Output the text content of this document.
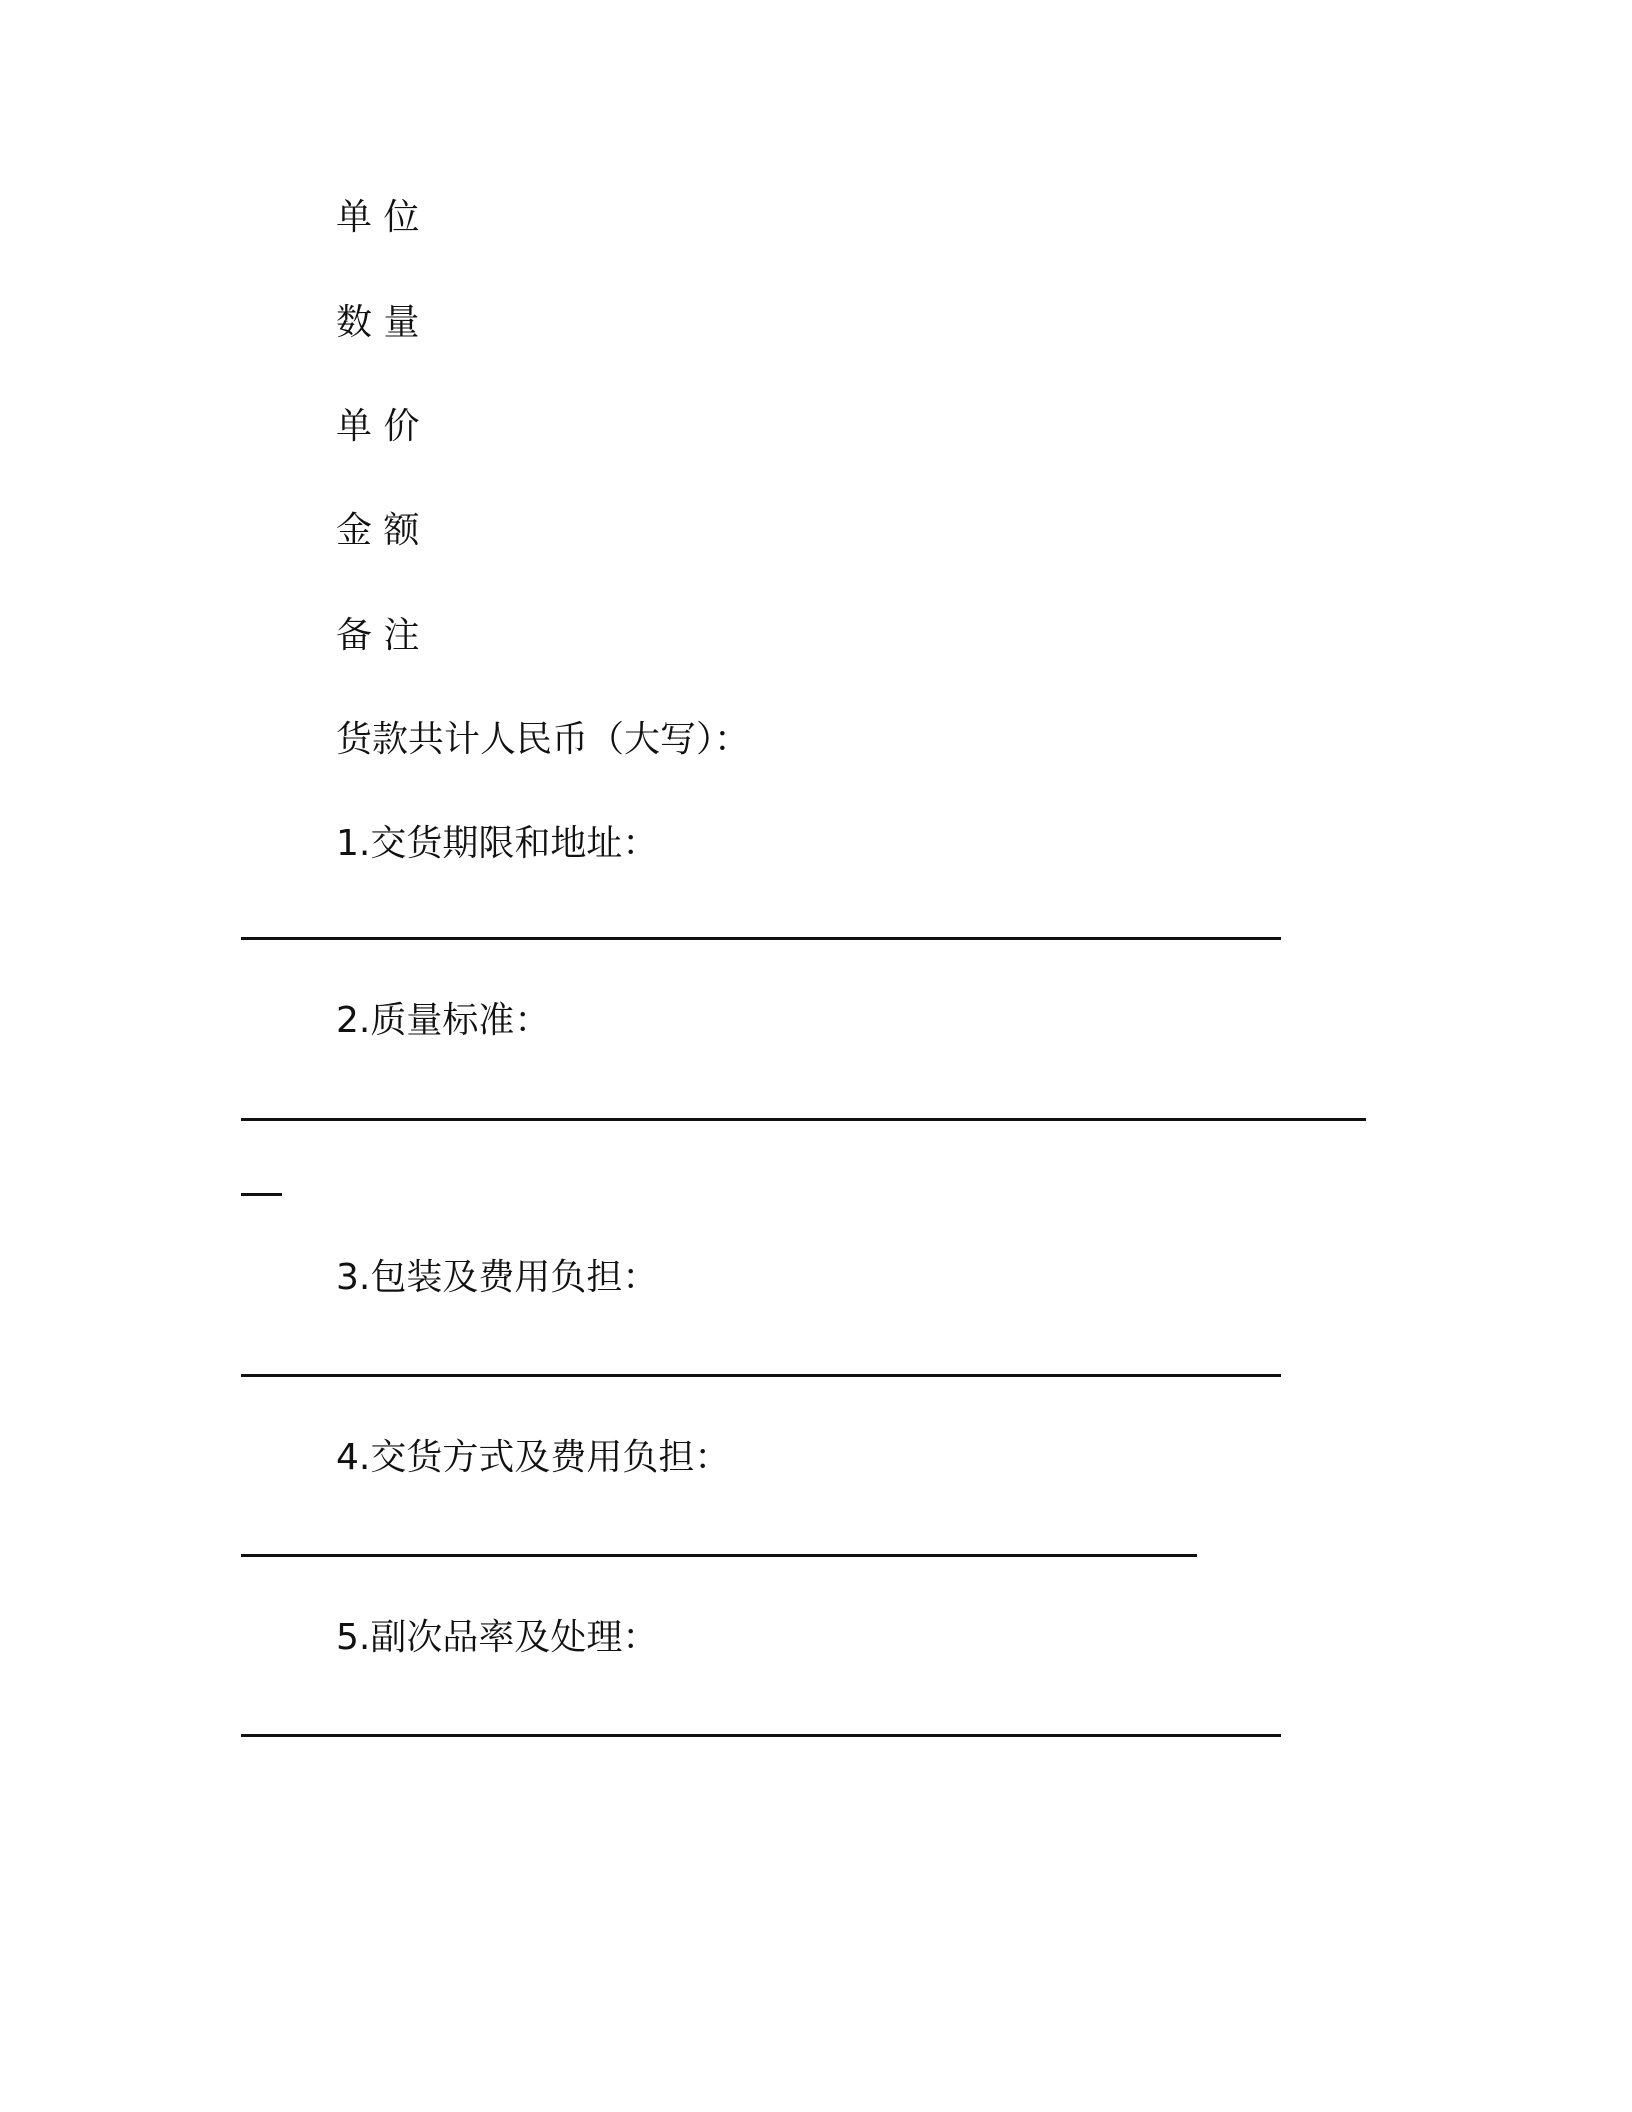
单 位
数 量
单 价
金 额
备 注
货款共计人民币（大写）：
1.交货期限和地址：
2.质量标准：
3.包装及费用负担：
4.交货方式及费用负担：
5.副次品率及处理：
